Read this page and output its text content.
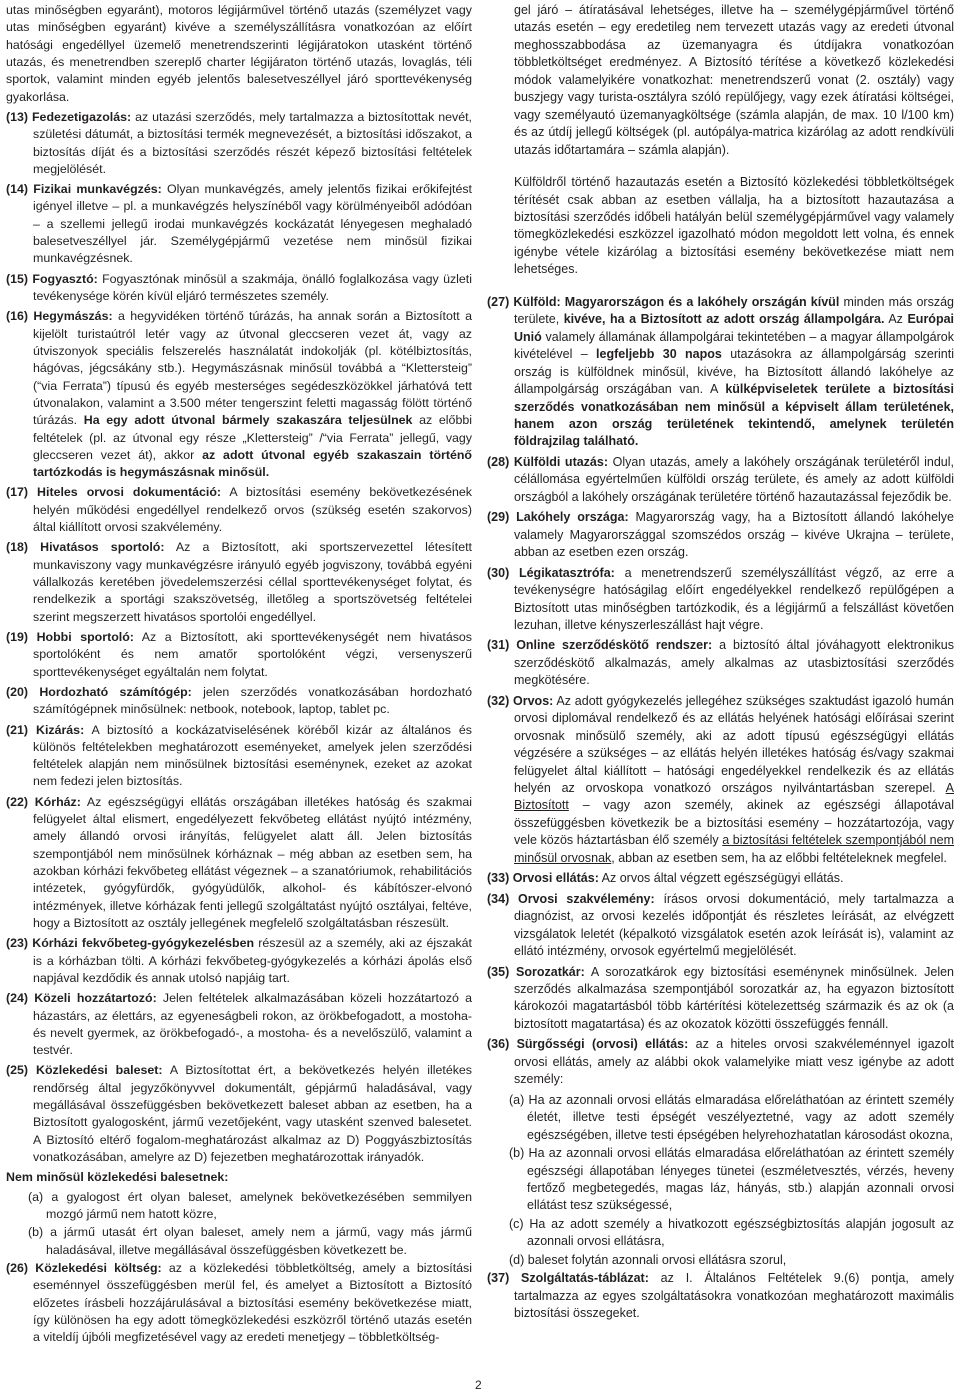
utas minőségben egyaránt), motoros légijárművel történő utazás (személyzet vagy utas minőségben egyaránt) kivéve a személyszállításra vonatkozóan az előírt hatósági engedéllyel üzemelő menetrendszerinti légijáratokon utasként történő utazás, és menetrendben szereplő charter légijáraton történő utazás, lovaglás, téli sportok, valamint minden egyéb jelentős balesetveszéllyel járó sporttevékenység gyakorlása.

(13) Fedezetigazolás: az utazási szerződés, mely tartalmazza a biztosítottak nevét, születési dátumát, a biztosítási termék megnevezését, a biztosítási időszakot, a biztosítás díját és a biztosítási szerződés részét képező biztosítási feltételek megjelölését.

(14) Fizikai munkavégzés: Olyan munkavégzés, amely jelentős fizikai erőkifejtést igényel illetve – pl. a munkavégzés helyszínéből vagy körülményeiből adódóan – a szellemi jellegű irodai munkavégzés kockázatát lényegesen meghaladó balesetveszéllyel jár. Személygépjármű vezetése nem minősül fizikai munkavégzésnek.

(15) Fogyasztó: Fogyasztónak minősül a szakmája, önálló foglalkozása vagy üzleti tevékenysége körén kívül eljáró természetes személy.

(16) Hegymászás: a hegyvidéken történő túrázás, ha annak során a Biztosított a kijelölt turistaútról letér vagy az útvonal gleccseren vezet át, vagy az útviszonyok speciális felszerelés használatát indokolják (pl. kötélbiztosítás, hágóvas, jégcsákány stb.). Hegymászásnak minősül továbbá a “Klettersteig” (“via Ferrata”) típusú és egyéb mesterséges segédeszközökkel járhatóvá tett útvonalakon, valamint a 3.500 méter tengerszint feletti magasság fölött történő túrázás. Ha egy adott útvonal bármely szakaszára teljesülnek az előbbi feltételek (pl. az útvonal egy része „Klettersteig” /“via Ferrata” jellegű, vagy gleccseren vezet át), akkor az adott útvonal egyéb szakaszain történő tartózkodás is hegymászásnak minősül.

(17) Hiteles orvosi dokumentáció: A biztosítási esemény bekövetkezésének helyén működési engedéllyel rendelkező orvos (szükség esetén szakorvos) által kiállított orvosi szakvélemény.

(18) Hivatásos sportoló: Az a Biztosított, aki sportszervezettel létesített munkaviszony vagy munkavégzésre irányuló egyéb jogviszony, továbbá egyéni vállalkozás keretében jövedelemszerzési céllal sporttevékenységet folytat, és rendelkezik a sportági szakszövetség, illetőleg a sportszövetség feltételei szerint megszerzett hivatásos sportolói engedéllyel.

(19) Hobbi sportoló: Az a Biztosított, aki sporttevékenységét nem hivatásos sportolóként és nem amatőr sportolóként végzi, versenyszerű sporttevékenységet egyáltalán nem folytat.

(20) Hordozható számítógép: jelen szerződés vonatkozásában hordozható számítógépnek minősülnek: netbook, notebook, laptop, tablet pc.

(21) Kizárás: A biztosító a kockázatviselésének köréből kizár az általános és különös feltételekben meghatározott eseményeket, amelyek jelen szerződési feltételek alapján nem minősülnek biztosítási eseménynek, ezeket az azokat nem fedezi jelen biztosítás.

(22) Kórház: Az egészségügyi ellátás országában illetékes hatóság és szakmai felügyelet által elismert, engedélyezett fekvőbeteg ellátást nyújtó intézmény, amely állandó orvosi irányítás, felügyelet alatt áll. Jelen biztosítás szempontjából nem minősülnek kórháznak – még abban az esetben sem, ha azokban kórházi fekvőbeteg ellátást végeznek – a szanatóriumok, rehabilitációs intézetek, gyógyfürdők, gyógyüdülők, alkohol- és kábítószer-elvonó intézmények, illetve kórházak fenti jellegű szolgáltatást nyújtó osztályai, feltéve, hogy a Biztosított az osztály jellegének megfelelő szolgáltatásban részesült.

(23) Kórházi fekvőbeteg-gyógykezelésben részesül az a személy, aki az éjszakát is a kórházban tölti. A kórházi fekvőbeteg-gyógykezelés a kórházi ápolás első napjával kezdődik és annak utolsó napjáig tart.

(24) Közeli hozzátartozó: Jelen feltételek alkalmazásában közeli hozzátartozó a házastárs, az élettárs, az egyeneságbeli rokon, az örökbefogadott, a mostoha- és nevelt gyermek, az örökbefogadó-, a mostoha- és a nevelőszülő, valamint a testvér.

(25) Közlekedési baleset: A Biztosítottat ért, a bekövetkezés helyén illetékes rendőrség által jegyzőkönyvvel dokumentált, gépjármű haladásával, vagy megállásával összefüggésben bekövetkezett baleset abban az esetben, ha a Biztosított gyalogosként, jármű vezetőjeként, vagy utasként szenved balesetet. A Biztosító eltérő fogalom-meghatározást alkalmaz az D) Poggyászbiztosítás vonatkozásában, amelyre az D) fejezetben meghatározottak irányadók.

Nem minősül közlekedési balesetnek:

(a) a gyalogost ért olyan baleset, amelynek bekövetkezésében semmilyen mozgó jármű nem hatott közre,

(b) a jármű utasát ért olyan baleset, amely nem a jármű, vagy más jármű haladásával, illetve megállásával összefüggésben következett be.

(26) Közlekedési költség: az a közlekedési többletköltség, amely a biztosítási eseménnyel összefüggésben merül fel, és amelyet a Biztosított a Biztosító előzetes írásbeli hozzájárulásával a biztosítási esemény bekövetkezése miatt, így különösen ha egy adott tömegközlekedési eszközről történő utazás esetén a viteldíj újbóli megfizetésével vagy az eredeti menetjegy – többletköltség-

gel járó – átíratásával lehetséges, illetve ha – személygépjárművel történő utazás esetén – egy eredetileg nem tervezett utazás vagy az eredeti útvonal meghosszabbodása az üzemanyagra és útdíjakra vonatkozóan többletköltséget eredményez. A Biztosító térítése a következő közlekedési módok valamelyikére vonatkozhat: menetrendszerű vonat (2. osztály) vagy buszjegy vagy turista-osztályra szóló repülőjegy, vagy ezek átíratási költségei, vagy személyautó üzemanyagköltsége (számla alapján, de max. 10 l/100 km) és az útdíj jellegű költségek (pl. autópálya-matrica kizárólag az adott rendkívüli utazás időtartamára – számla alapján).

Külföldről történő hazautazás esetén a Biztosító közlekedési többletköltségek térítését csak abban az esetben vállalja, ha a biztosított hazautazása a biztosítási szerződés időbeli hatályán belül személygépjárművel vagy valamely tömegközlekedési eszközzel igazolható módon megoldott lett volna, és ennek igénybe vétele kizárólag a biztosítási esemény bekövetkezése miatt nem lehetséges.

(27) Külföld: Magyarországon és a lakóhely országán kívül minden más ország területe, kivéve, ha a Biztosított az adott ország állampolgára. Az Európai Unió valamely államának állampolgárai tekintetében – a magyar állampolgárok kivételével – legfeljebb 30 napos utazásokra az állampolgárság szerinti ország is külföldnek minősül, kivéve, ha Biztosított állandó lakóhelye az állampolgárság országában van. A külképviseletek területe a biztosítási szerződés vonatkozásában nem minősül a képviselt állam területének, hanem azon ország területének tekintendő, amelynek területén földrajzilag található.

(28) Külföldi utazás: Olyan utazás, amely a lakóhely országának területéről indul, célállomása egyértelműen külföldi ország területe, és amely az adott külföldi országból a lakóhely országának területére történő hazautazással fejeződik be.

(29) Lakóhely országa: Magyarország vagy, ha a Biztosított állandó lakóhelye valamely Magyarországgal szomszédos ország – kivéve Ukrajna – területe, abban az esetben ezen ország.

(30) Légikatasztrófa: a menetrendszerű személyszállítást végző, az erre a tevékenységre hatóságilag előírt engedélyekkel rendelkező repülőgépen a Biztosított utas minőségben tartózkodik, és a légijármű a felszállást követően lezuhan, illetve kényszerleszállást hajt végre.

(31) Online szerződéskötő rendszer: a biztosító által jóváhagyott elektronikus szerződéskötő alkalmazás, amely alkalmas az utasbiztosítási szerződés megkötésére.

(32) Orvos: Az adott gyógykezelés jellegéhez szükséges szaktudást igazoló humán orvosi diplomával rendelkező és az ellátás helyének hatósági előírásai szerint orvosnak minősülő személy, aki az adott típusú egészségügyi ellátás végzésére a szükséges – az ellátás helyén illetékes hatóság és/vagy szakmai felügyelet által kiállított – hatósági engedélyekkel rendelkezik és az ellátás helyén az orvoskoра vonatkozó országos nyilvántartásban szerepel. A Biztosított – vagy azon személy, akinek az egészségi állapotával összefüggésben következik be a biztosítási esemény – hozzátartozója, vagy vele közös háztartásban élő személy a biztosítási feltételek szempontjából nem minősül orvosnak, abban az esetben sem, ha az előbbi feltételeknek megfelel.

(33) Orvosi ellátás: Az orvos által végzett egészségügyi ellátás.

(34) Orvosi szakvélemény: írásos orvosi dokumentáció, mely tartalmazza a diagnózist, az orvosi kezelés időpontját és részletes leírását, az elvégzett vizsgálatok leletét (képalkotó vizsgálatok esetén azok leírását is), valamint az ellátó intézmény, orvosok egyértelmű megjelölését.

(35) Sorozatkár: A sorozatkárok egy biztosítási eseménynek minősülnek. Jelen szerződés alkalmazása szempontjából sorozatkár az, ha egyazon biztosított károkozói magatartásból több kártérítési kötelezettség származik és az ok (a biztosított magatartása) és az okozatok közötti összefüggés fennáll.

(36) Sürgősségi (orvosi) ellátás: az a hiteles orvosi szakvéleménnyel igazolt orvosi ellátás, amely az alábbi okok valamelyike miatt vesz igénybe az adott személy:

(a) Ha az azonnali orvosi ellátás elmaradása előreláthatóan az érintett személy életét, illetve testi épségét veszélyeztetné, vagy az adott személy egészségében, illetve testi épségében helyrehozhatatlan károsodást okozna,

(b) Ha az azonnali orvosi ellátás elmaradása előreláthatóan az érintett személy egészségi állapotában lényeges tünetei (eszméletvesztés, vérzés, heveny fertőző megbetegedés, magas láz, hányás, stb.) alapján azonnali orvosi ellátást tesz szükségessé,

(c) Ha az adott személy a hivatkozott egészségbiztosítás alapján jogosult az azonnali orvosi ellátásra,

(d) baleset folytán azonnali orvosi ellátásra szorul,

(37) Szolgáltatás-táblázat: az I. Általános Feltételek 9.(6) pontja, amely tartalmazza az egyes szolgáltatásokra vonatkozóan meghatározott maximális biztosítási összegeket.

2
